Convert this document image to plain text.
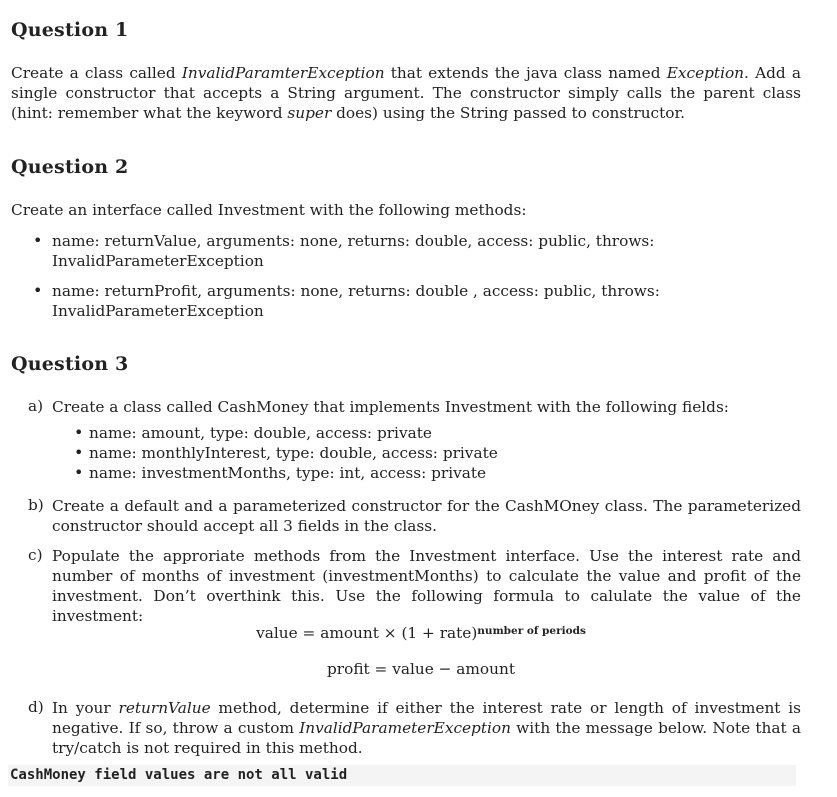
Question 1

Create a class called InvalidParamterException that extends the java class named Exception. Add a single constructor that accepts a String argument. The constructor simply calls the parent class (hint: remember what the keyword super does) using the String passed to constructor.

Question 2

Create an interface called Investment with the following methods:

• name: returnValue, arguments: none, returns: double, access: public, throws: InvalidParameterException
• name: returnProfit, arguments: none, returns: double , access: public, throws: InvalidParameterException
Question 3
a) Create a class called CashMoney that implements Investment with the following fields:

• name: amount, type: double, access: private
• name: monthlyInterest, type: double, access: private
• name: investmentMonths, type: int, access: private
b) Create a default and a parameterized constructor for the CashMOney class. The parameterized constructor should accept all 3 fields in the class.

c) Populate the approriate methods from the Investment interface. Use the interest rate and number of months of investment (investmentMonths) to calculate the value and profit of the investment. Don’t overthink this. Use the following formula to calulate the value of the investment:

value = amount × (1 + rate)$^{number of periods}$
profit = value − amount
d) In your returnValue method, determine if either the interest rate or length of investment is negative. If so, throw a custom InvalidParameterException with the message below. Note that a try/catch is not required in this method.

CashMoney field values are not all valid
